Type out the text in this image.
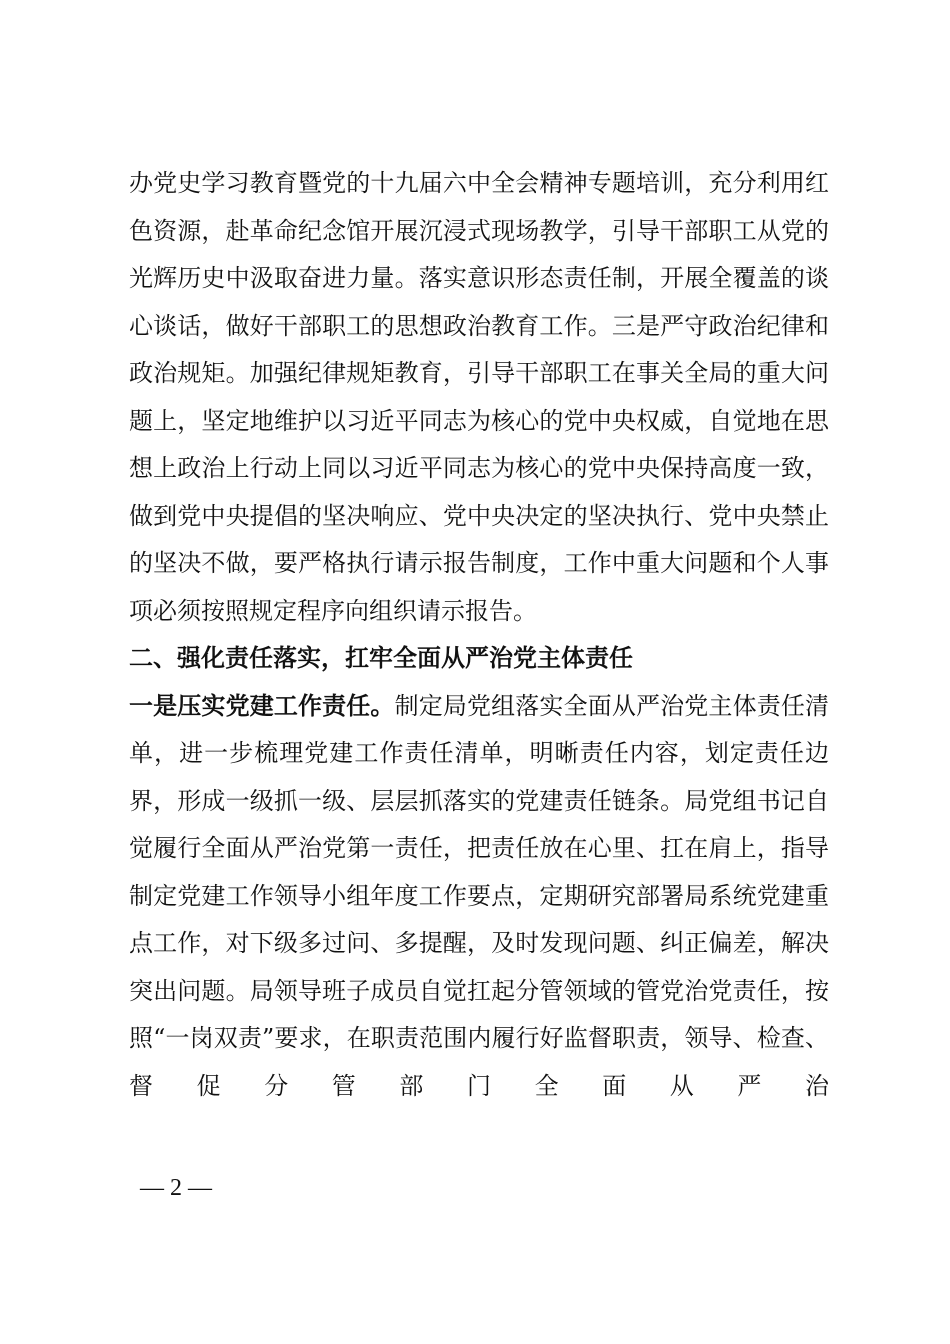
办党史学习教育暨党的十九届六中全会精神专题培训，充分利用红色资源，赴革命纪念馆开展沉浸式现场教学，引导干部职工从党的光辉历史中汲取奋进力量。落实意识形态责任制，开展全覆盖的谈心谈话，做好干部职工的思想政治教育工作。三是严守政治纪律和政治规矩。加强纪律规矩教育，引导干部职工在事关全局的重大问题上，坚定地维护以习近平同志为核心的党中央权威，自觉地在思想上政治上行动上同以习近平同志为核心的党中央保持高度一致，做到党中央提倡的坚决响应、党中央决定的坚决执行、党中央禁止的坚决不做，要严格执行请示报告制度，工作中重大问题和个人事项必须按照规定程序向组织请示报告。

二、强化责任落实，扛牢全面从严治党主体责任

一是压实党建工作责任。制定局党组落实全面从严治党主体责任清单，进一步梳理党建工作责任清单，明晰责任内容，划定责任边界，形成一级抓一级、层层抓落实的党建责任链条。局党组书记自觉履行全面从严治党第一责任，把责任放在心里、扛在肩上，指导制定党建工作领导小组年度工作要点，定期研究部署局系统党建重点工作，对下级多过问、多提醒，及时发现问题、纠正偏差，解决突出问题。局领导班子成员自觉扛起分管领域的管党治党责任，按照“一岗双责”要求，在职责范围内履行好监督职责，领导、检查、督促分管部门全面从严治

— 2 —
